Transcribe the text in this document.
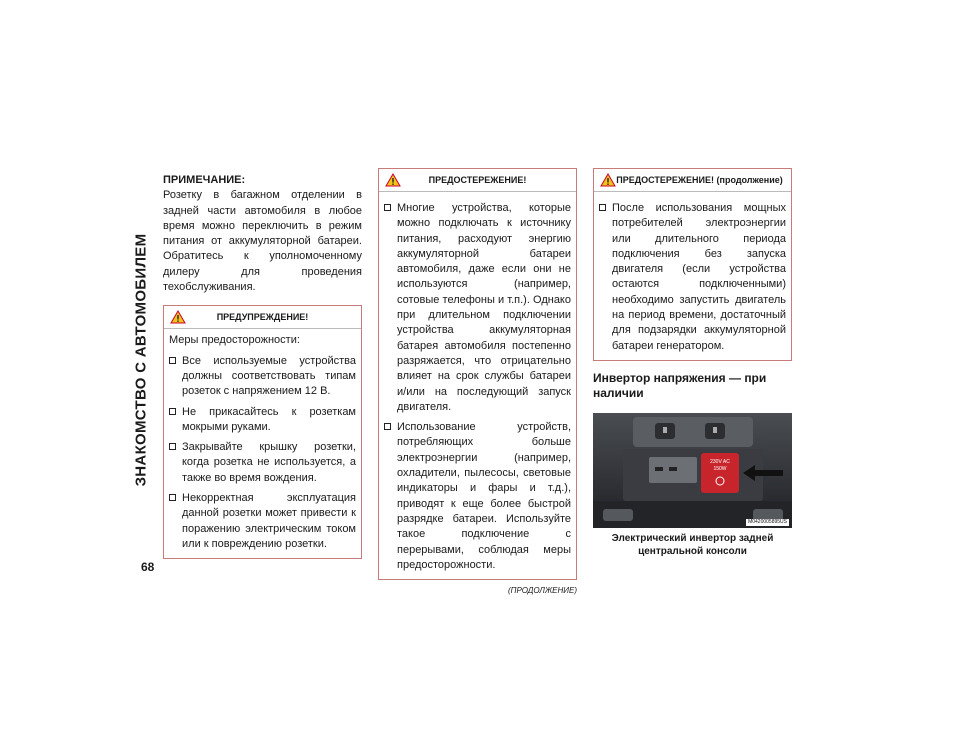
ЗНАКОМСТВО С АВТОМОБИЛЕМ
68
ПРИМЕЧАНИЕ:

Розетку в багажном отделении в задней части автомобиля в любое время можно переключить в режим питания от аккумуляторной батареи. Обратитесь к уполномоченному дилеру для проведения техобслуживания.

ПРЕДУПРЕЖДЕНИЕ!

Меры предосторожности:

Все используемые устройства должны соответствовать типам розеток с напряжением 12 В.
Не прикасайтесь к розеткам мокрыми руками.
Закрывайте крышку розетки, когда розетка не используется, а также во время вождения.
Некорректная эксплуатация данной розетки может привести к поражению электрическим током или к повреждению розетки.
ПРЕДОСТЕРЕЖЕНИЕ!
Многие устройства, которые можно подключать к источнику питания, расходуют энергию аккумуляторной батареи автомобиля, даже если они не используются (например, сотовые телефоны и т.п.). Однако при длительном подключении устройства аккумуляторная батарея автомобиля постепенно разряжается, что отрицательно влияет на срок службы батареи и/или на последующий запуск двигателя.
Использование устройств, потребляющих больше электроэнергии (например, охладители, пылесосы, световые индикаторы и фары и т.д.), приводят к еще более быстрой разрядке батареи. Используйте такое подключение с перерывами, соблюдая меры предосторожности.
(ПРОДОЛЖЕНИЕ)
ПРЕДОСТЕРЕЖЕНИЕ! (продолжение)
После использования мощных потребителей электроэнергии или длительного периода подключения без запуска двигателя (если устройства остаются подключенными) необходимо запустить двигатель на период времени, достаточный для подзарядки аккумуляторной батареи генератором.
Инвертор напряжения — при наличии
230V AC
150W
M0420005895US
Электрический инвертор задней центральной консоли
